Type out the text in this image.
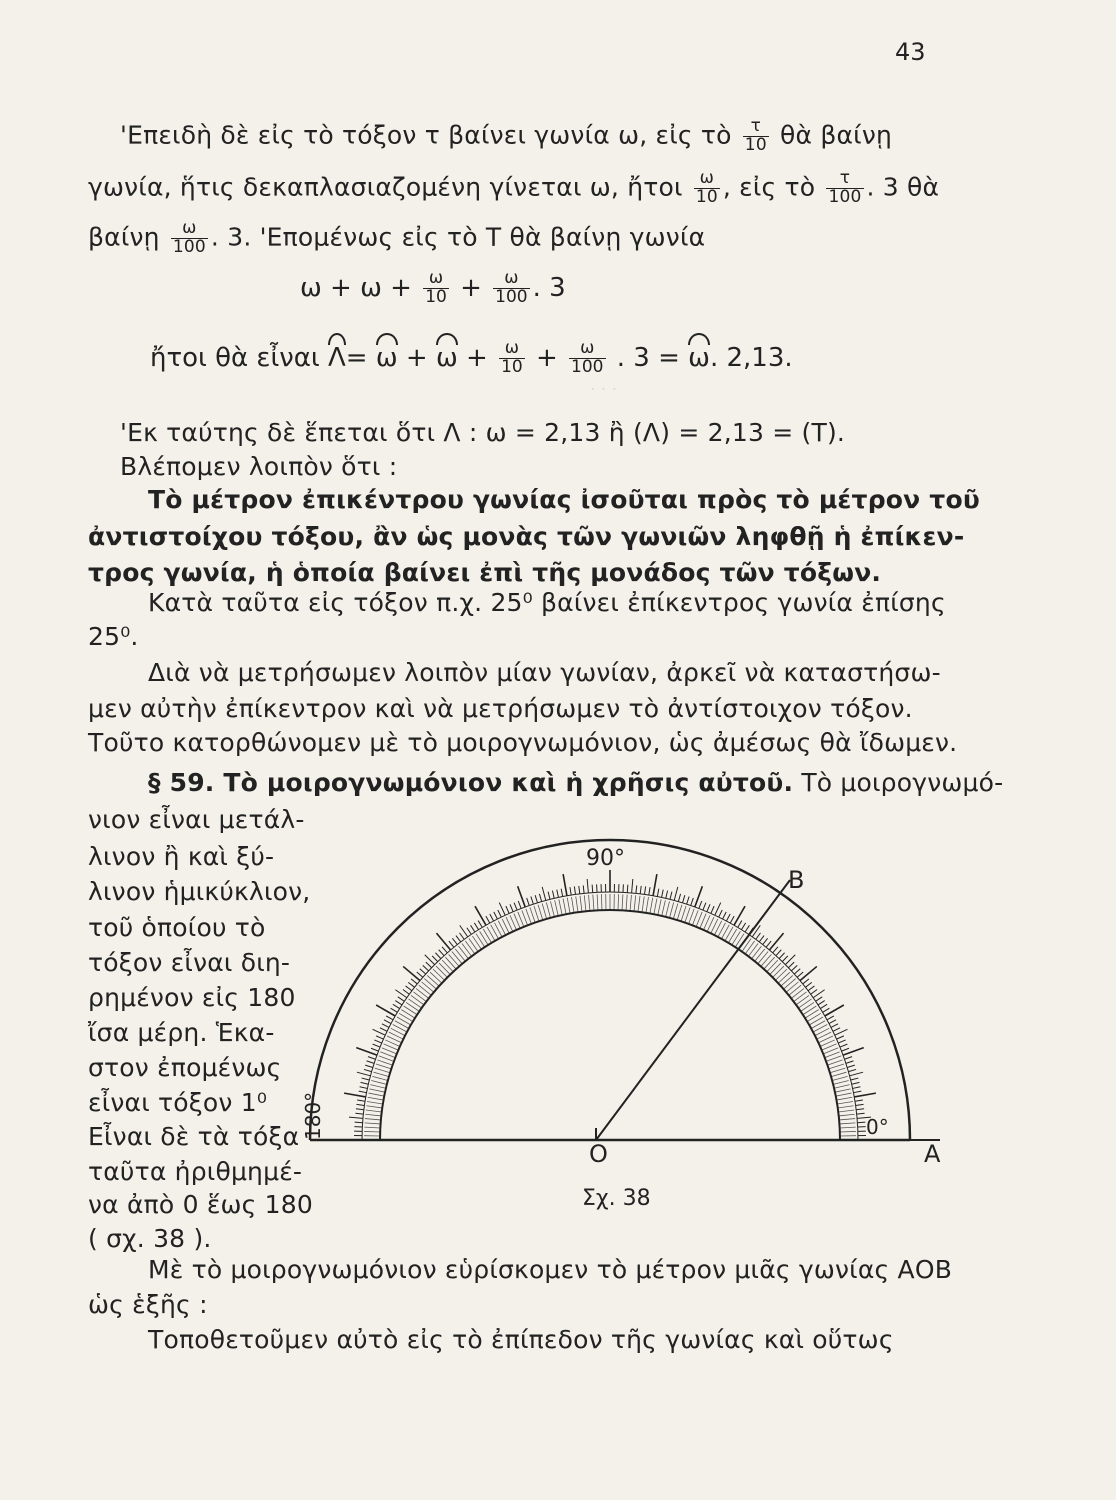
· · ·
43
'Επειδὴ δὲ εἰς τὸ τόξον τ βαίνει γωνία ω, εἰς τὸ $\frac{\tau}{10}$ θὰ βαίνῃ
γωνία, ἥτις δεκαπλασιαζομένη γίνεται ω, ἤτοι $\frac{\omega}{10}$ , εἰς τὸ $\frac{\tau}{100}$ . 3 θὰ
βαίνῃ $\frac{\omega}{100}$ . 3. 'Επομένως εἰς τὸ Τ θὰ βαίνῃ γωνία
$\omega + \omega + \frac{\omega}{10} + \frac{\omega}{100}$ . 3
ἤτοι θὰ εἶναι $\Lambda= \omega + \omega + \frac{\omega}{10} + \frac{\omega}{100}$ . 3 = ω. 2,13.
'Εκ ταύτης δὲ ἕπεται ὅτι Λ : ω = 2,13 ἢ (Λ) = 2,13 = (Τ).
Βλέπομεν λοιπὸν ὅτι :
Τὸ μέτρον ἐπικέντρου γωνίας ἰσοῦται πρὸς τὸ μέτρον τοῦ
ἀντιστοίχου τόξου, ἂν ὡς μονὰς τῶν γωνιῶν ληφθῇ ἡ ἐπίκεν-
τρος γωνία, ἡ ὁποία βαίνει ἐπὶ τῆς μονάδος τῶν τόξων.
Κατὰ ταῦτα εἰς τόξον π.χ. 25⁰ βαίνει ἐπίκεντρος γωνία ἐπίσης
25⁰.
Διὰ νὰ μετρήσωμεν λοιπὸν μίαν γωνίαν, ἀρκεῖ νὰ καταστήσω-
μεν αὐτὴν ἐπίκεντρον καὶ νὰ μετρήσωμεν τὸ ἀντίστοιχον τόξον.
Τοῦτο κατορθώνομεν μὲ τὸ μοιρογνωμόνιον, ὡς ἀμέσως θὰ ἴδωμεν.
§ 59. Τὸ μοιρογνωμόνιον καὶ ἡ χρῆσις αὐτοῦ. Τὸ μοιρογνωμό-
νιον εἶναι μετάλ-
λινον ἢ καὶ ξύ-
λινον ἡμικύκλιον,
τοῦ ὁποίου τὸ
τόξον εἶναι διη-
ρημένον εἰς 180
ἴσα μέρη. Ἑκα-
στον ἐπομένως
εἶναι τόξον 1⁰
Εἶναι δὲ τὰ τόξα
ταῦτα ἠριθμημέ-
να ἀπὸ 0 ἕως 180
( σχ. 38 ).
90°
B
180°	0°
O	A
Σχ. 38
Μὲ τὸ μοιρογνωμόνιον εὑρίσκομεν τὸ μέτρον μιᾶς γωνίας ΑΟΒ
ὡς ἑξῆς :
Τοποθετοῦμεν αὐτὸ εἰς τὸ ἐπίπεδον τῆς γωνίας καὶ οὕτως
